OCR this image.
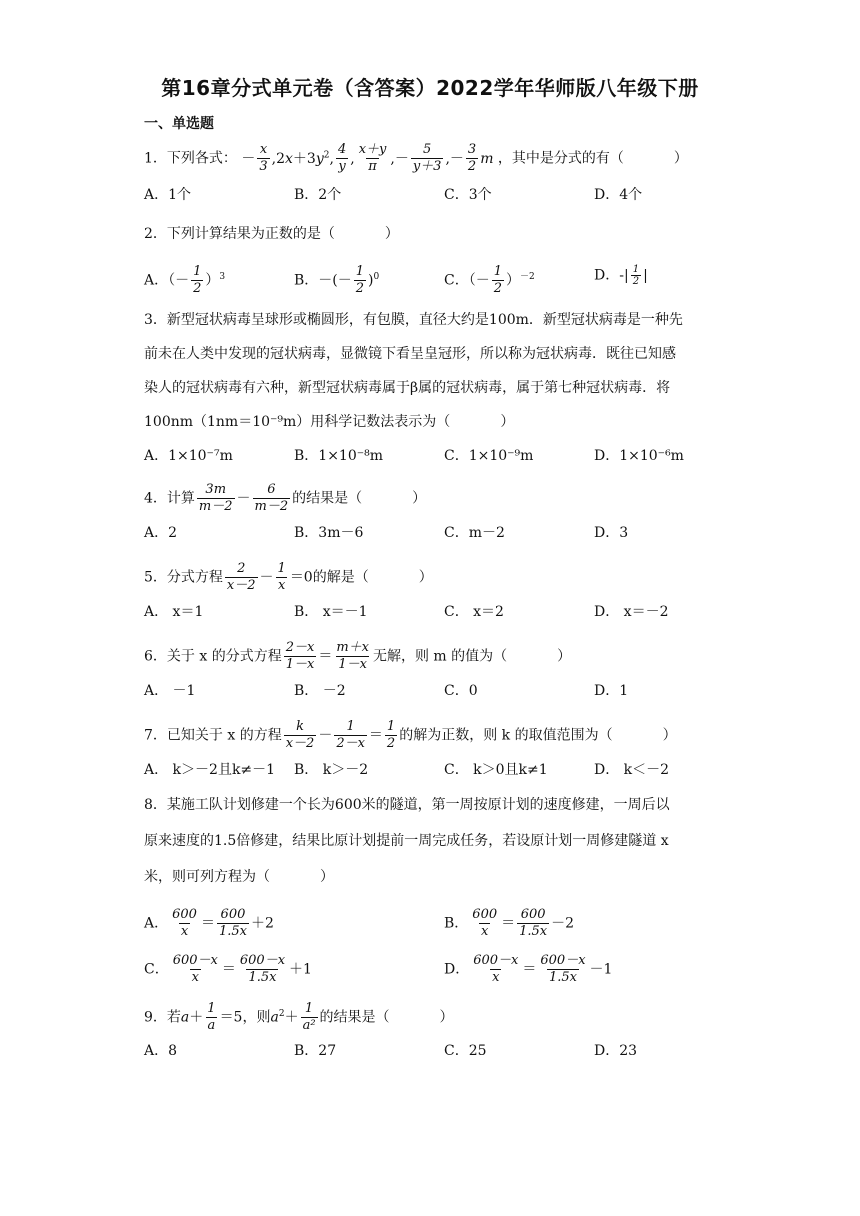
第16章分式单元卷（含答案）2022学年华师版八年级下册
一、单选题
1．下列各式： － $\frac{x}{3} ,2x+3y^2$, $\frac{4}{y}$ , $\frac{x+y}{\pi}$ ,－ $\frac{5}{y+3}$ ,－ $\frac{3}{2}$ m ，其中是分式的有（	）
A．1个	B．2个	C．3个	D．4个
2．下列计算结果为正数的是（	）
A．（－ $\frac{1}{2} )^3$	B．－(－ $\frac{1}{2} )^0$	C．（－ $\frac{1}{2} )^{-2}$	D．-| $\frac{1}{2}$ |
3．新型冠状病毒呈球形或椭圆形，有包膜，直径大约是100m．新型冠状病毒是一种先
前未在人类中发现的冠状病毒，显微镜下看呈皇冠形，所以称为冠状病毒．既往已知感
染人的冠状病毒有六种，新型冠状病毒属于β属的冠状病毒，属于第七种冠状病毒．将
100nm（1nm＝10⁻⁹m）用科学记数法表示为（	）
A．1×10⁻⁷m	B．1×10⁻⁸m	C．1×10⁻⁹m	D．1×10⁻⁶m
4．计算 $\frac{3m}{m-2} - \frac{6}{m-2}$ 的结果是（	）
A．2	B．3m－6	C．m－2	D．3
5．分式方程 $\frac{2}{x-2} - \frac{1}{x} =0$的解是（	）
A． x＝1	B． x＝－1	C． x＝2	D． x＝－2
6．关于 x 的分式方程 $\frac{2-x}{1-x} = \frac{m+x}{1-x}$ 无解，则 m 的值为（	）
A． －1	B． －2	C．0	D．1
7．已知关于 x 的方程 $\frac{k}{x-2} - \frac{1}{2-x} = \frac{1}{2}$ 的解为正数，则 k 的取值范围为（	）
A． k＞－2且k≠－1 B． k＞－2	C． k＞0且k≠1	D． k＜－2
8．某施工队计划修建一个长为600米的隧道，第一周按原计划的速度修建，一周后以
原来速度的1.5倍修建，结果比原计划提前一周完成任务，若设原计划一周修建隧道 x
米，则可列方程为（	）
A． $\frac{600}{x} = \frac{600}{1.5x} +2$	B． $\frac{600}{x} = \frac{600}{1.5x} -2$
C． $\frac{600-x}{x} = \frac{600-x}{1.5x} +1$	D． $\frac{600-x}{x} = \frac{600-x}{1.5x} -1$
9．若$a+ \frac{1}{a} =5$，则$a^2+ \frac{1}{\text{a²}}$ 的结果是（	）
A．8	B．27	C．25	D．23
